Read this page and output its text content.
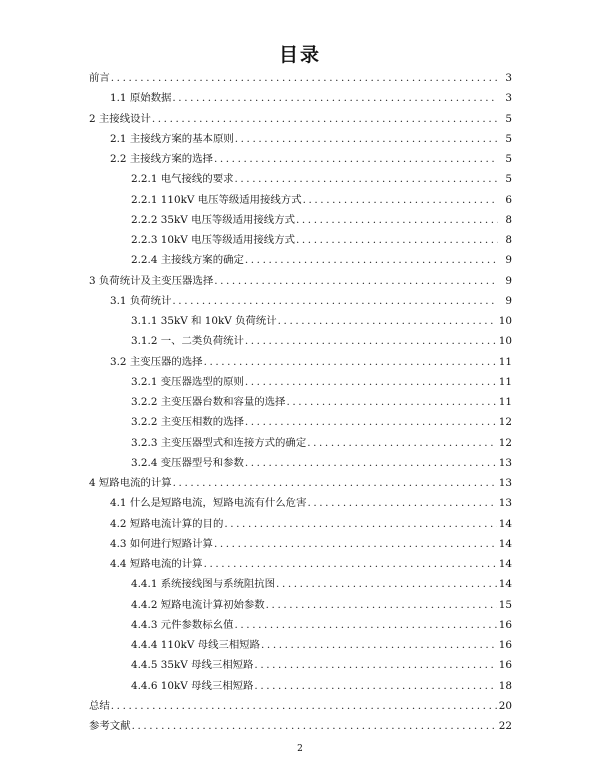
目录
前言 .....	3
1.1 原始数据 .....	3
2 主接线设计 .....	5
2.1 主接线方案的基本原则 .....	5
2.2 主接线方案的选择 .....	5
2.2.1 电气接线的要求 .....	5
2.2.1 110kV 电压等级适用接线方式 .....	6
2.2.2 35kV 电压等级适用接线方式 .....	8
2.2.3 10kV 电压等级适用接线方式 .....	8
2.2.4 主接线方案的确定 .....	9
3 负荷统计及主变压器选择 .....	9
3.1 负荷统计 .....	9
3.1.1 35kV 和 10kV 负荷统计 .....	10
3.1.2 一、二类负荷统计 .....	10
3.2 主变压器的选择 .....	11
3.2.1 变压器选型的原则 .....	11
3.2.2 主变压器台数和容量的选择 .....	11
3.2.2 主变压相数的选择 .....	12
3.2.3 主变压器型式和连接方式的确定 .....	12
3.2.4 变压器型号和参数 .....	13
4 短路电流的计算 .....	13
4.1 什么是短路电流，短路电流有什么危害 .....	13
4.2 短路电流计算的目的 .....	14
4.3 如何进行短路计算 .....	14
4.4 短路电流的计算 .....	14
4.4.1 系统接线图与系统阻抗图 .....	14
4.4.2 短路电流计算初始参数 .....	15
4.4.3 元件参数标幺值 .....	16
4.4.4 110kV 母线三相短路 .....	16
4.4.5 35kV 母线三相短路 .....	16
4.4.6 10kV 母线三相短路 .....	18
总结 .....	20
参考文献 .....	22
2
